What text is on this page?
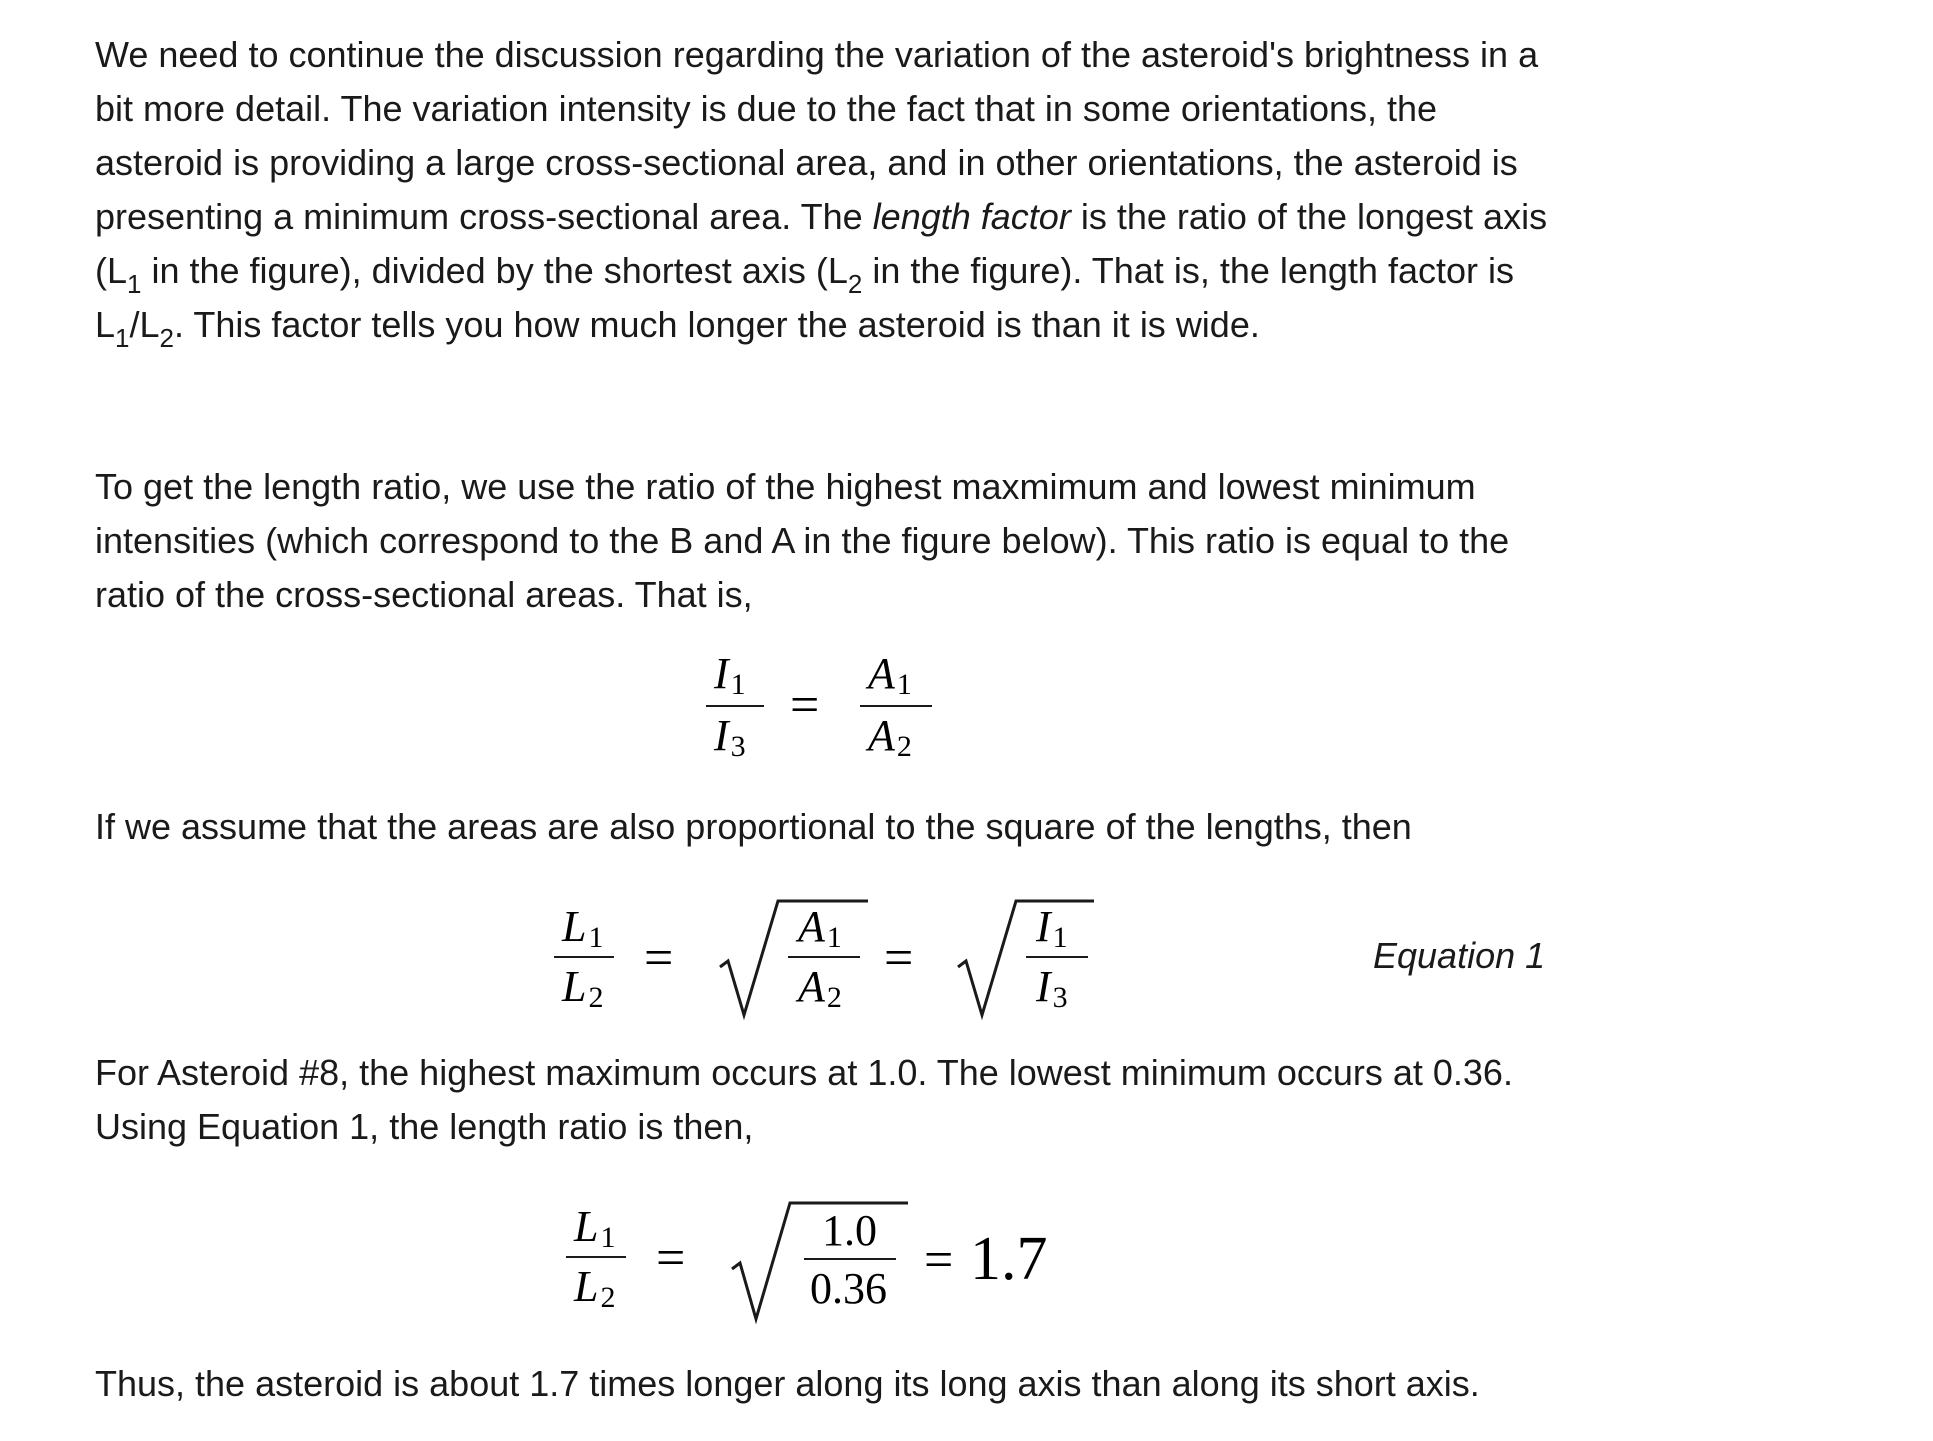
We need to continue the discussion regarding the variation of the asteroid's brightness in a bit more detail. The variation intensity is due to the fact that in some orientations, the asteroid is providing a large cross-sectional area, and in other orientations, the asteroid is presenting a minimum cross-sectional area. The length factor is the ratio of the longest axis ($L_1$ in the figure), divided by the shortest axis ($L_2$ in the figure). That is, the length factor is $L_1/L_2$. This factor tells you how much longer the asteroid is than it is wide.

To get the length ratio, we use the ratio of the highest maxmimum and lowest minimum intensities (which correspond to the B and A in the figure below). This ratio is equal to the ratio of the cross-sectional areas. That is,

I1
I3
=
A1
A2

If we assume that the areas are also proportional to the square of the lengths, then

L1
L2
=
A1
A2
=
I1
I3
Equation 1

For Asteroid #8, the highest maximum occurs at 1.0. The lowest minimum occurs at 0.36. Using Equation 1, the length ratio is then,

L1
L2
=	1.0
0.36 = 1.7

Thus, the asteroid is about 1.7 times longer along its long axis than along its short axis.
